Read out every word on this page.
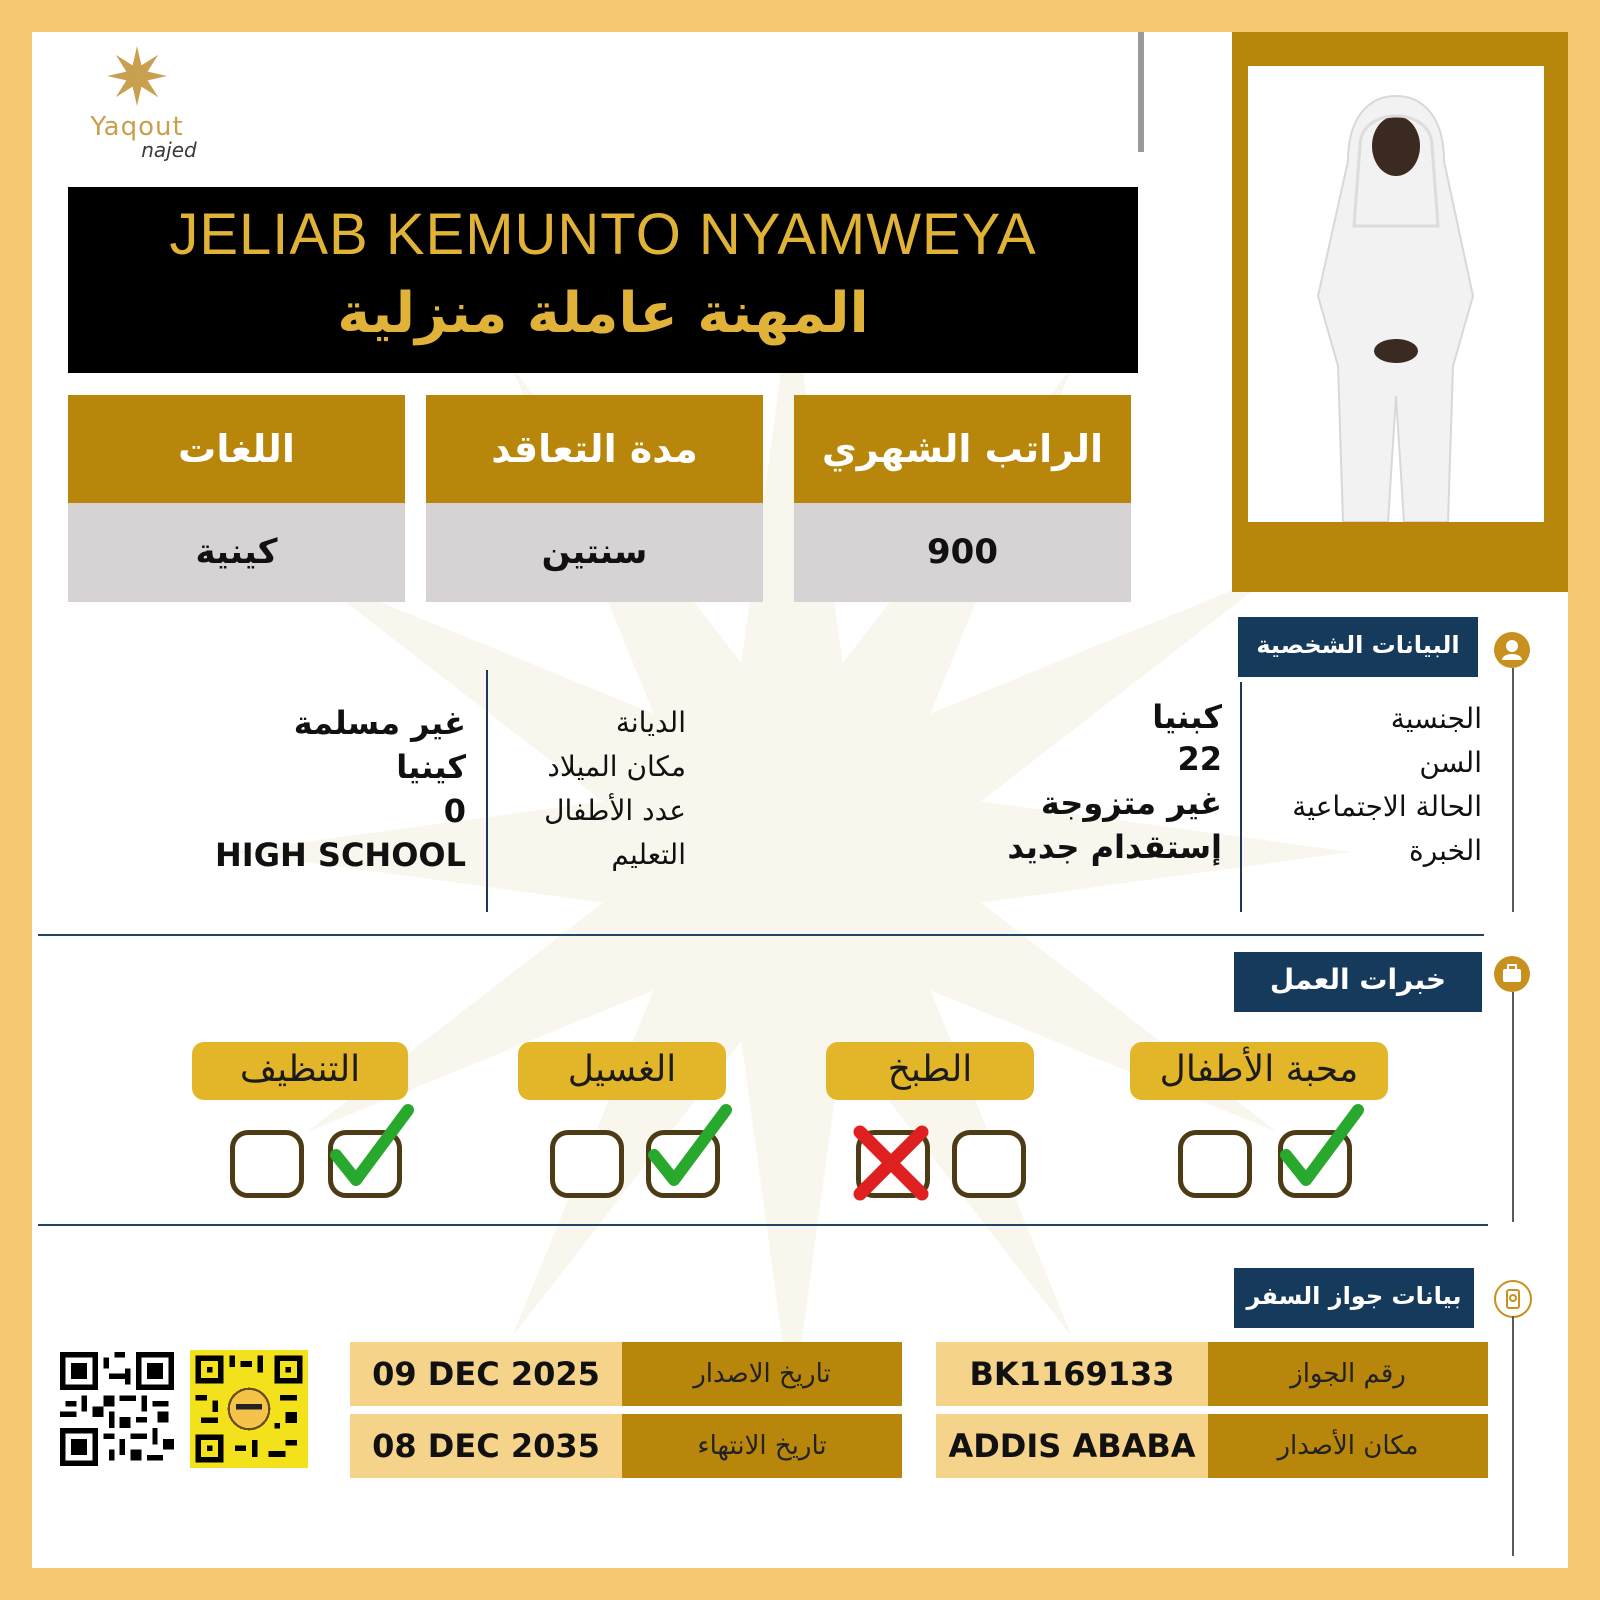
Yaqout
najed
JELIAB KEMUNTO NYAMWEYA
المهنة عاملة منزلية
الراتب الشهري
900
مدة التعاقد
سنتين
اللغات
كينية
البيانات الشخصية
الجنسية
السن
الحالة الاجتماعية
الخبرة
كبنيا
22
غير متزوجة
إستقدام جديد
الديانة
مكان الميلاد
عدد الأطفال
التعليم
غير مسلمة
كينيا
0
HIGH SCHOOL
خبرات العمل
محبة الأطفال
الطبخ
الغسيل
التنظيف
بيانات جواز السفر
رقم الجواز
BK1169133
مكان الأصدار
ADDIS ABABA
تاريخ الاصدار
09 DEC 2025
تاريخ الانتهاء
08 DEC 2035
